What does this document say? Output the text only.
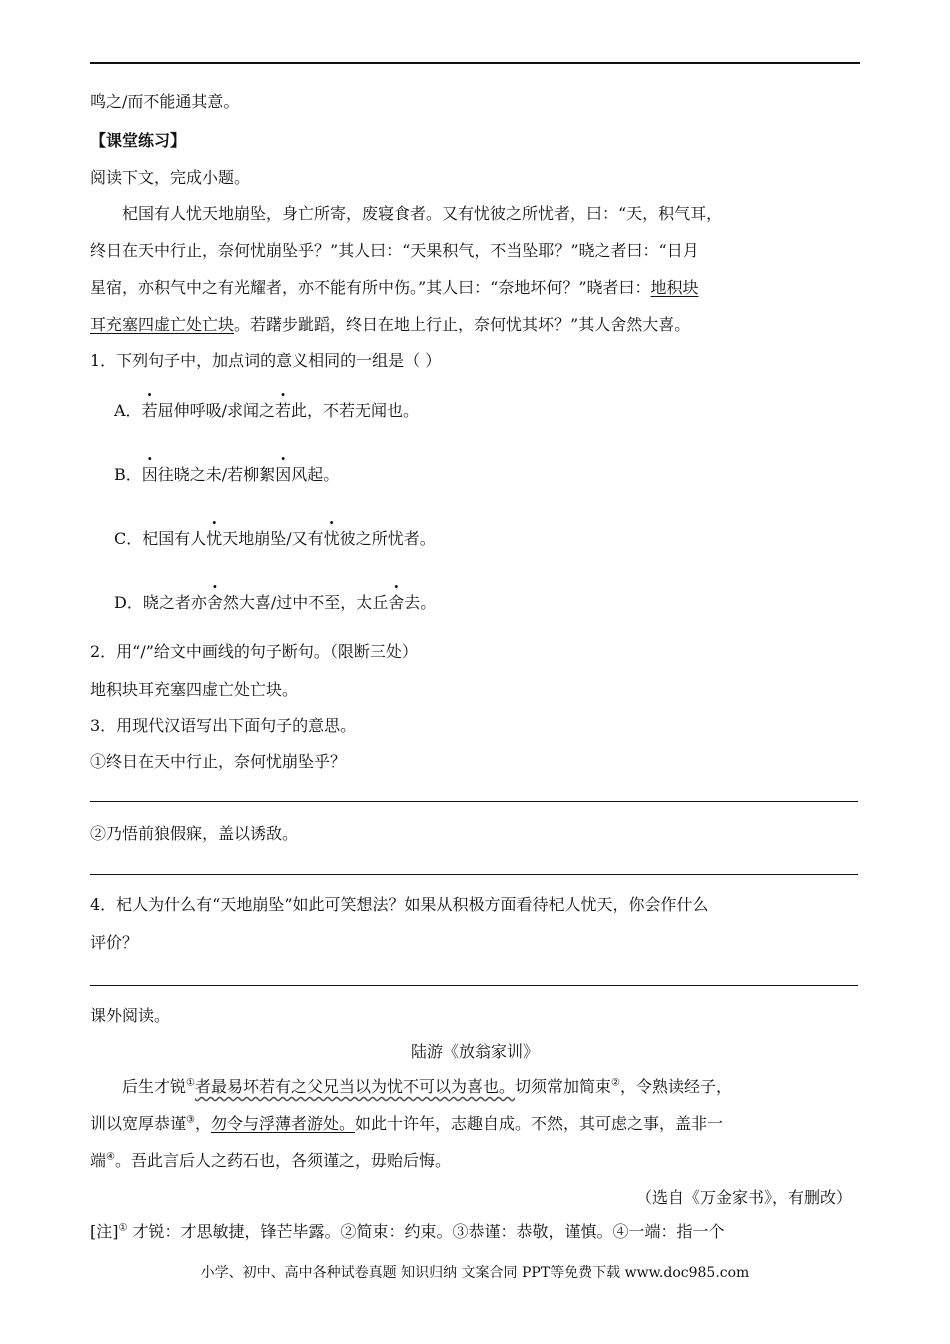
鸣之/而不能通其意。
【课堂练习】
阅读下文，完成小题。
杞国有人忧天地崩坠，身亡所寄，废寝食者。又有忧彼之所忧者，曰：“天，积气耳，
终日在天中行止，奈何忧崩坠乎？”其人曰：“天果积气，不当坠耶？”晓之者曰：“日月
星宿，亦积气中之有光耀者，亦不能有所中伤。”其人曰：“奈地坏何？”晓者曰：地积块
耳充塞四虚亡处亡块。若躇步跐蹈，终日在地上行止，奈何忧其坏？”其人舍然大喜。
1．下列句子中，加点词的意义相同的一组是（ ）
A．若屈伸呼吸/求闻之若此，不若无闻也。
B．因往晓之未/若柳絮因风起。
C．杞国有人忧天地崩坠/又有忧彼之所忧者。
D．晓之者亦舍然大喜/过中不至，太丘舍去。
2．用“/”给文中画线的句子断句。（限断三处）
地积块耳充塞四虚亡处亡块。
3．用现代汉语写出下面句子的意思。
①终日在天中行止，奈何忧崩坠乎？
②乃悟前狼假寐，盖以诱敌。
4．杞人为什么有“天地崩坠”如此可笑想法？如果从积极方面看待杞人忧天，你会作什么
评价？
课外阅读。
陆游《放翁家训》
后生才锐①者最易坏若有之父兄当以为忧不可以为喜也。切须常加简束②，令熟读经子，
训以宽厚恭谨③，勿令与浮薄者游处。如此十许年，志趣自成。不然，其可虑之事，盖非一
端④。吾此言后人之药石也，各须谨之，毋贻后悔。
（选自《万金家书》，有删改）
[注]① 才锐：才思敏捷，锋芒毕露。②简束：约束。③恭谨：恭敬，谨慎。④一端：指一个
小学、初中、高中各种试卷真题 知识归纳 文案合同 PPT等免费下载 www.doc985.com
